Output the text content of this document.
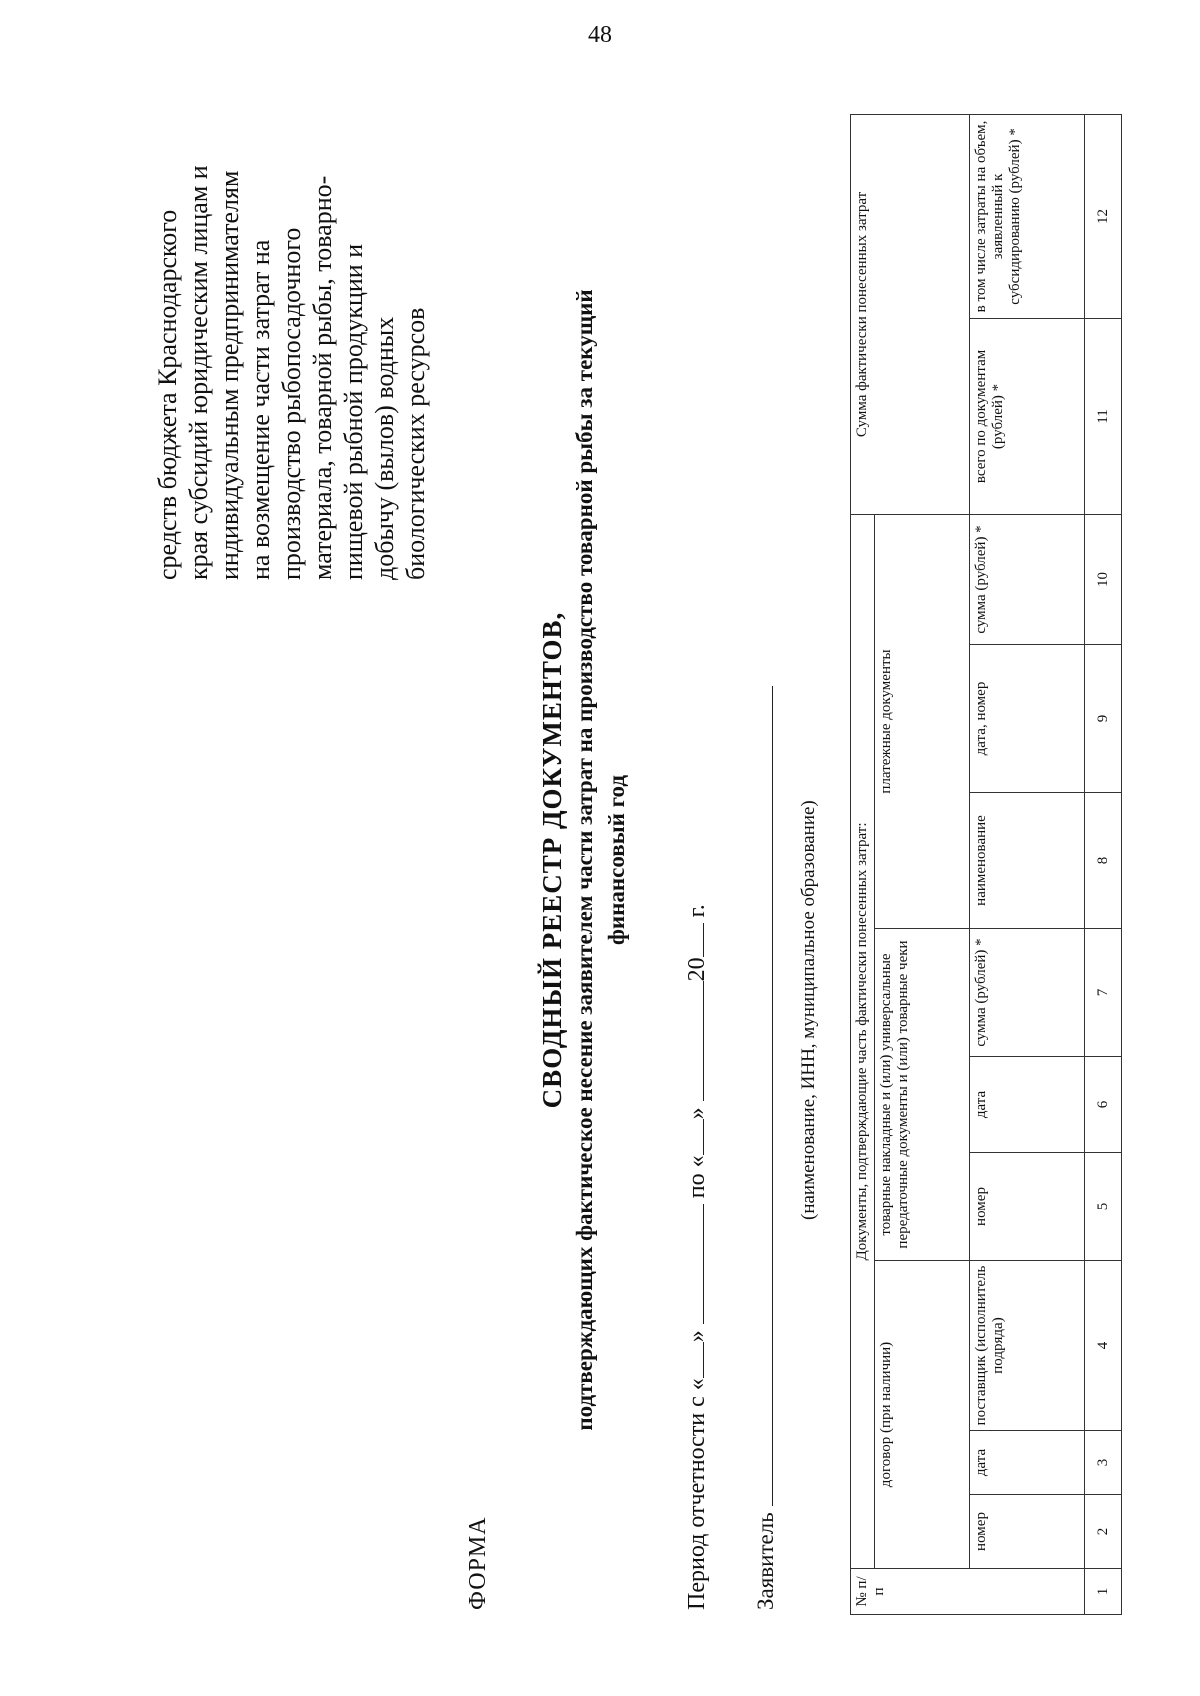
48
средств бюджета Краснодарского края субсидий юридическим лицам и индивидуальным предпринимателям на возмещение части затрат на производство рыбопосадочного материала, товарной рыбы, товарно- пищевой рыбной продукции и добычу (вылов) водных биологических ресурсов
ФОРМА
СВОДНЫЙ РЕЕСТР ДОКУМЕНТОВ, подтверждающих фактическое несение заявителем части затрат на производство товарной рыбы за текущий финансовый год
Период отчетности с «»  по «» 20 г.
Заявитель
(наименование, ИНН, муниципальное образование)
№ п/п	Документы, подтверждающие часть фактически понесенных затрат:									Сумма фактически понесенных затрат	
	договор (при наличии)			товарные накладные и (или) универсальные передаточные документы и (или) товарные чеки			платежные документы				
	номер	дата	поставщик (исполнитель подряда)	номер	дата	сумма (рублей) *	наименование	дата, номер	сумма (рублей) *	всего по документам (рублей) *	в том числе затраты на объем, заявленный к субсидированию (рублей) *
1	2	3	4	5	6	7	8	9	10	11	12
